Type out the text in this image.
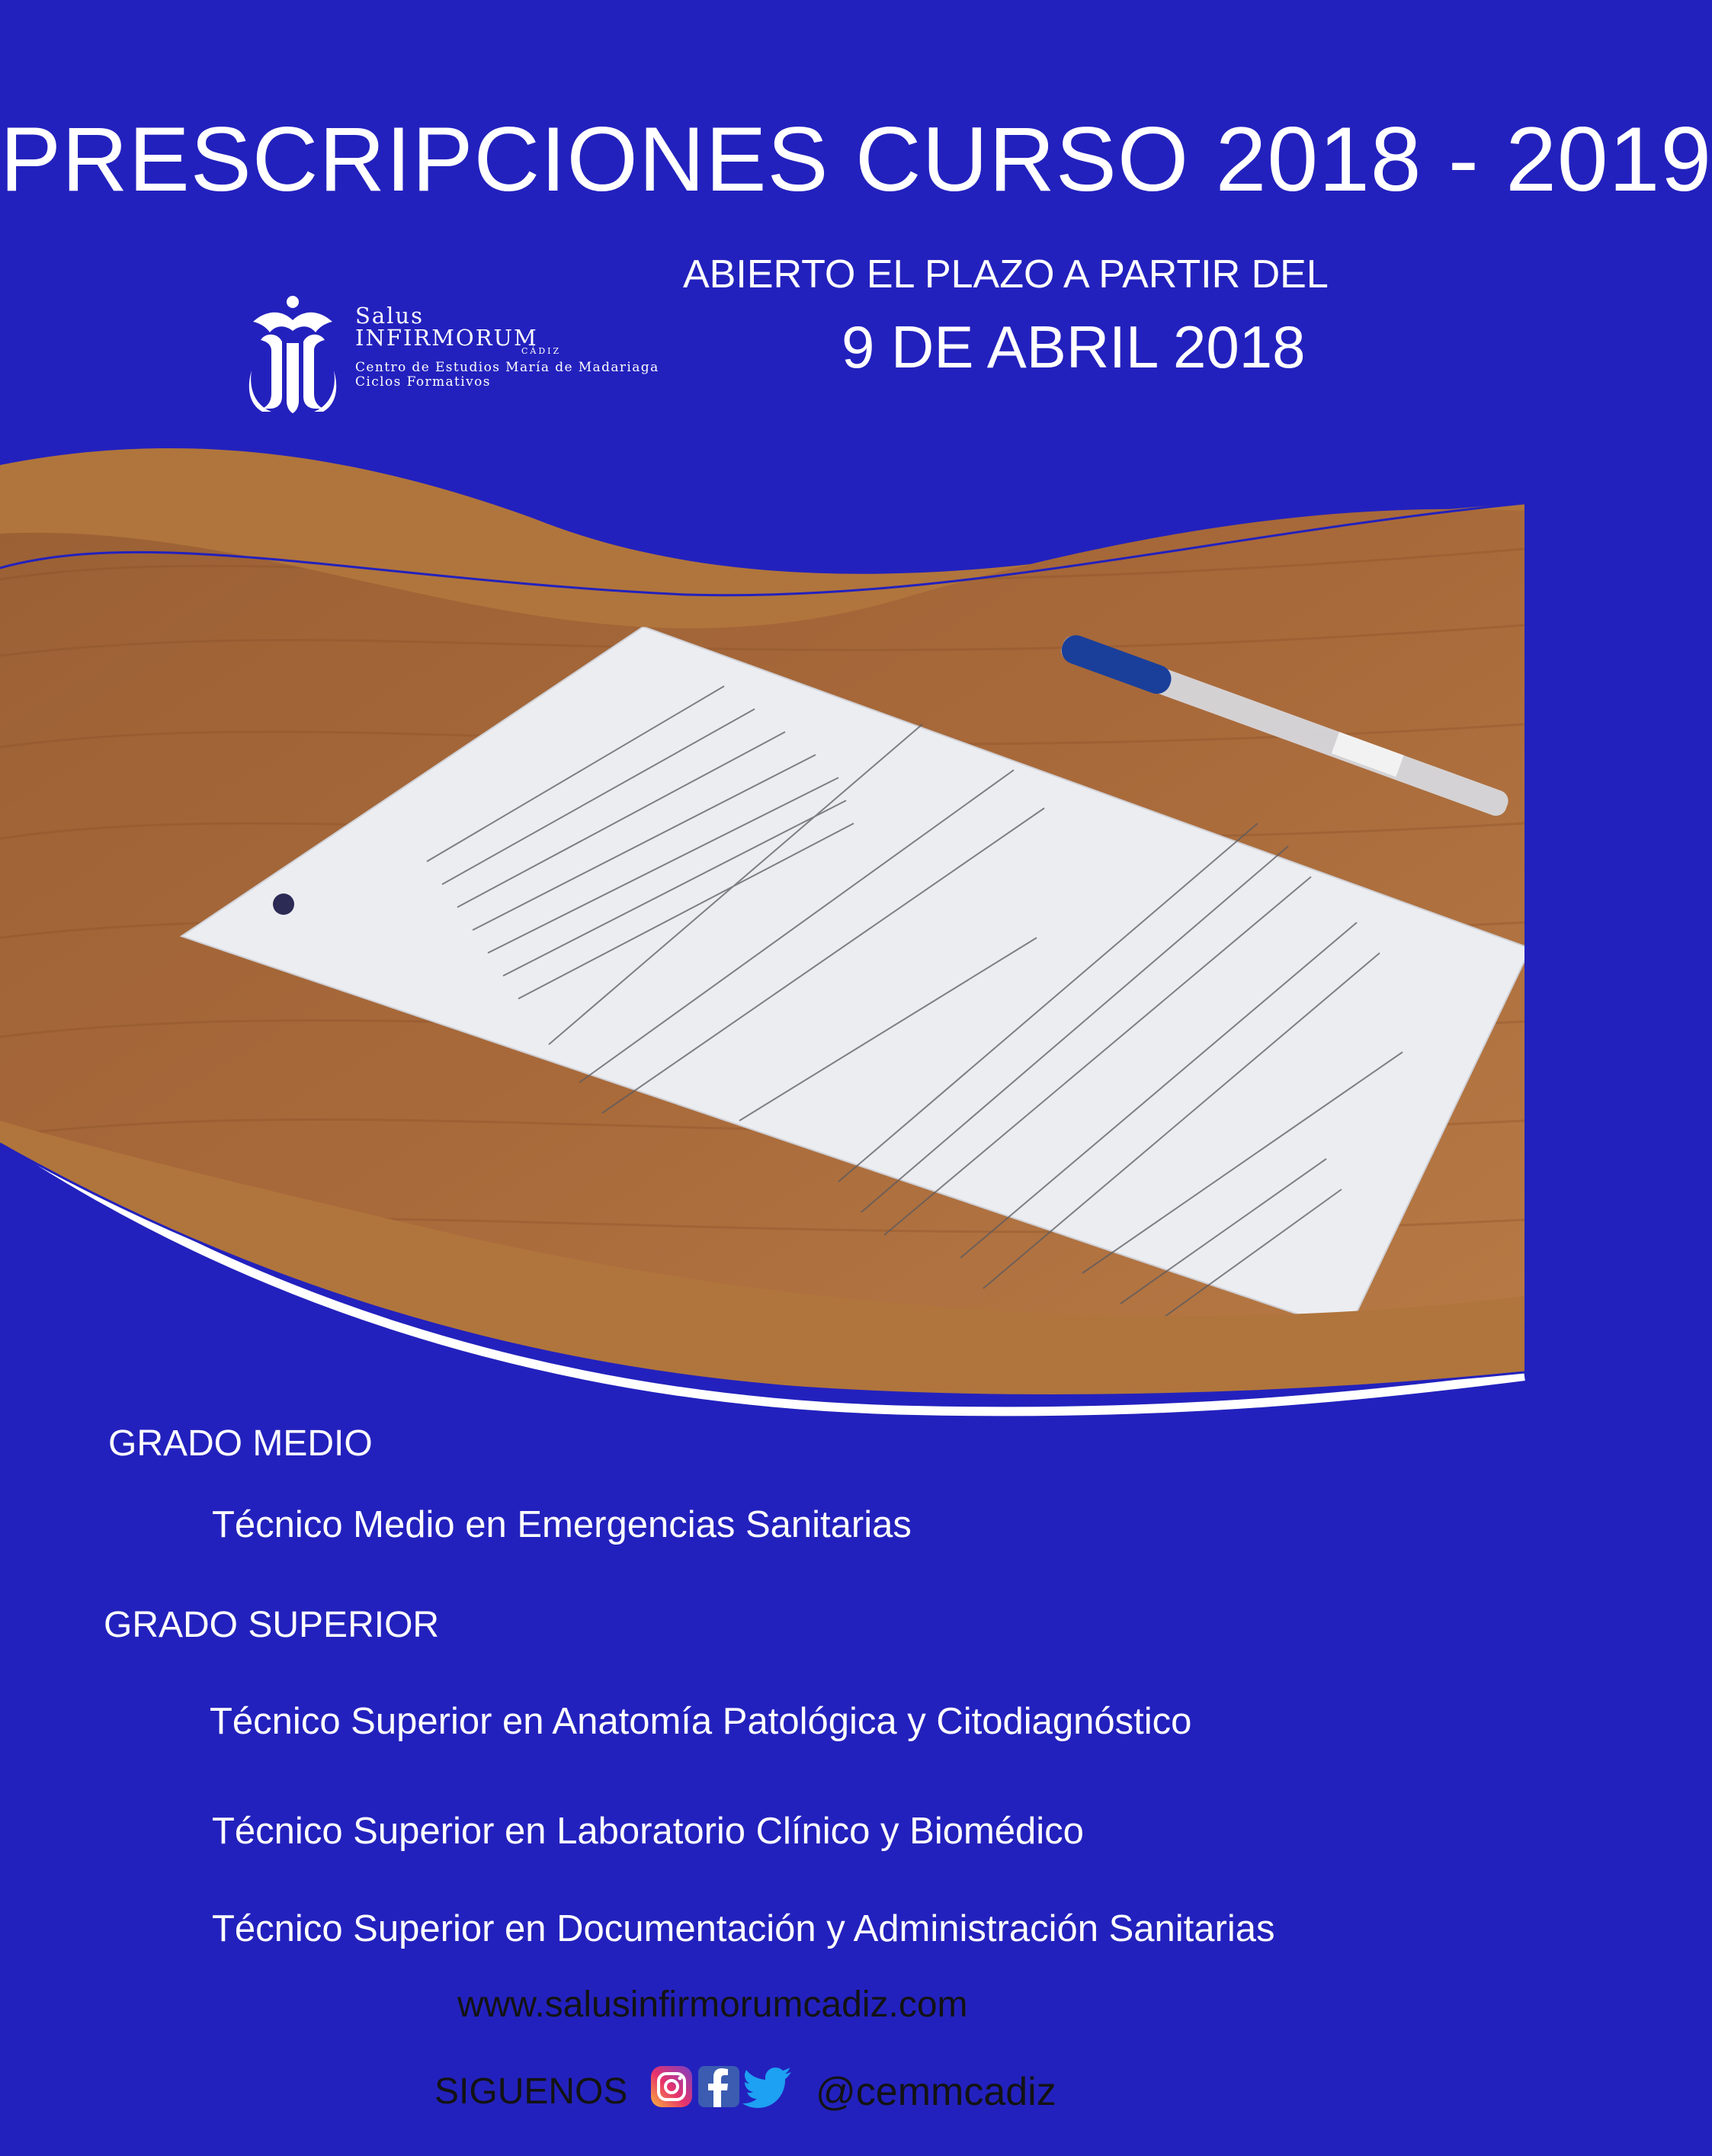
PRESCRIPCIONES CURSO 2018 - 2019
ABIERTO EL PLAZO A PARTIR DEL
9 DE ABRIL 2018
Salus
INFIRMORUM
CÁDIZ
Centro de Estudios María de Madariaga
Ciclos Formativos
GRADO MEDIO
Técnico Medio en Emergencias Sanitarias
GRADO SUPERIOR
Técnico Superior en Anatomía Patológica y Citodiagnóstico
Técnico Superior en Laboratorio Clínico y Biomédico
Técnico Superior en Documentación y Administración Sanitarias
www.salusinfirmorumcadiz.com
SIGUENOS	@cemmcadiz
